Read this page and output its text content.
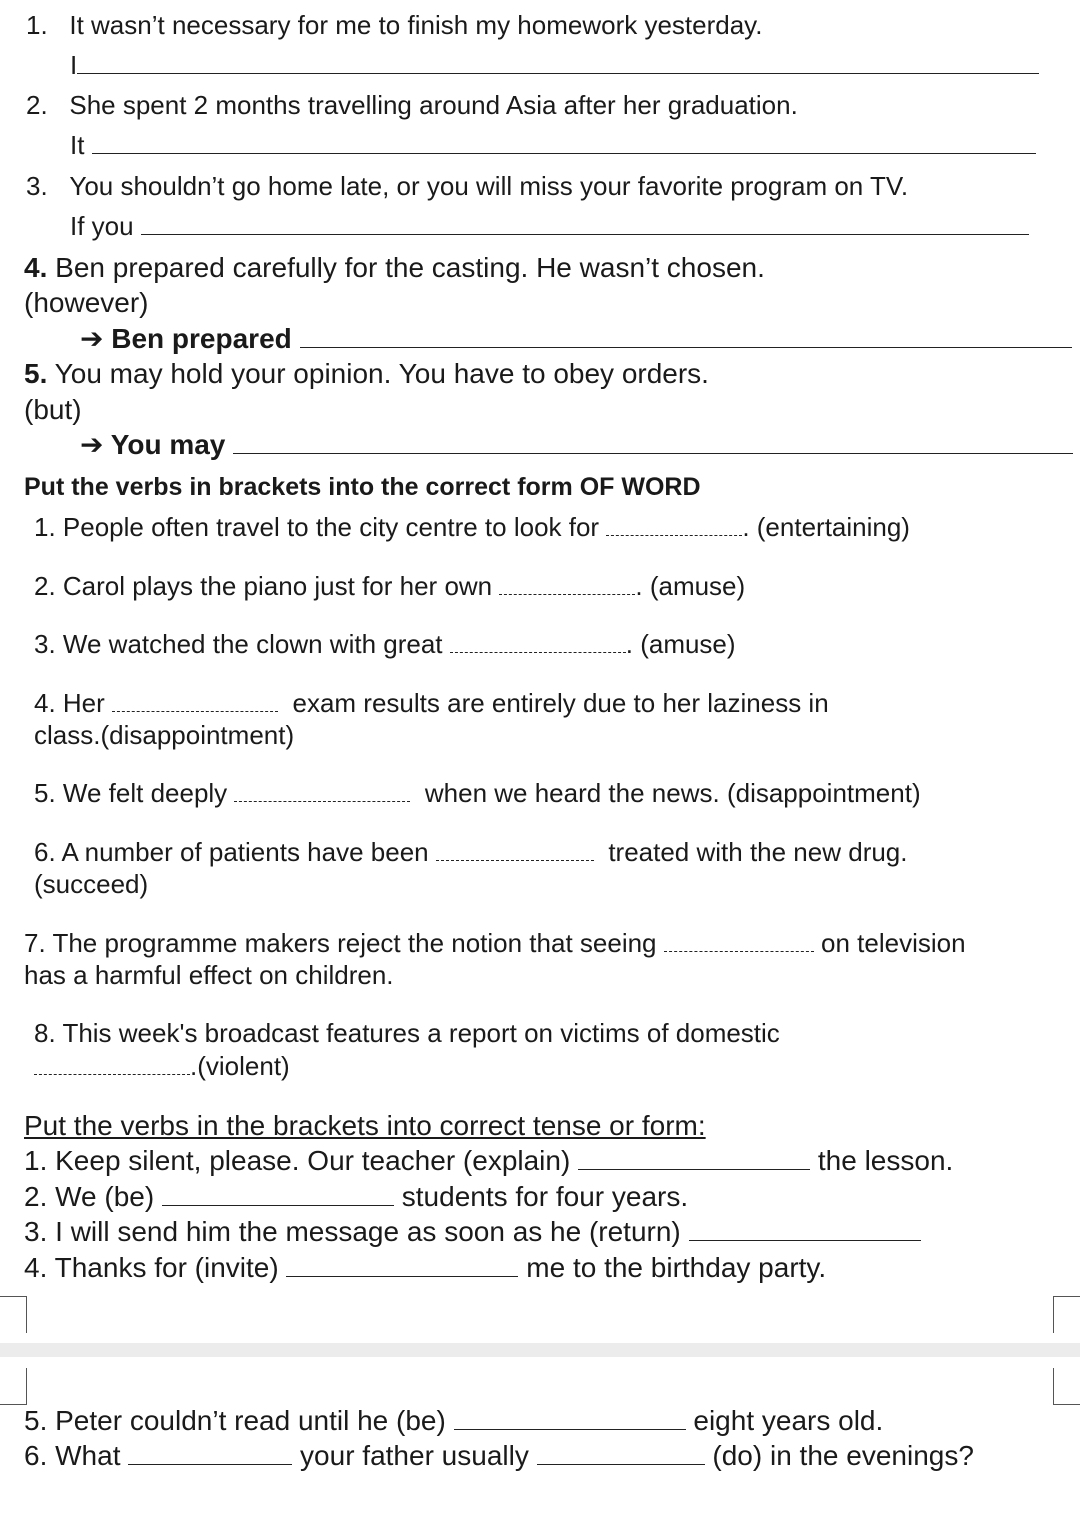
1. It wasn’t necessary for me to finish my homework yesterday.
I
2. She spent 2 months travelling around Asia after her graduation.
It
3. You shouldn’t go home late, or you will miss your favorite program on TV.
If you
4. Ben prepared carefully for the casting. He wasn’t chosen.
(however)
➔ Ben prepared
5. You may hold your opinion. You have to obey orders.
(but)
➔ You may
Put the verbs in brackets into the correct form OF WORD
1. People often travel to the city centre to look for	. (entertaining)
2. Carol plays the piano just for her own	. (amuse)
3. We watched the clown with great	. (amuse)
4. Her	exam results are entirely due to her laziness in
class.(disappointment)
5. We felt deeply	when we heard the news. (disappointment)
6. A number of patients have been	treated with the new drug.
(succeed)
7. The programme makers reject the notion that seeing	on television
has a harmful effect on children.
8. This week's broadcast features a report on victims of domestic
.(violent)
Put the verbs in the brackets into correct tense or form:
1. Keep silent, please. Our teacher (explain)	the lesson.
2. We (be)	students for four years.
3. I will send him the message as soon as he (return)
4. Thanks for (invite)	me to the birthday party.
5. Peter couldn’t read until he (be)	eight years old.
6. What	your father usually	(do) in the evenings?
